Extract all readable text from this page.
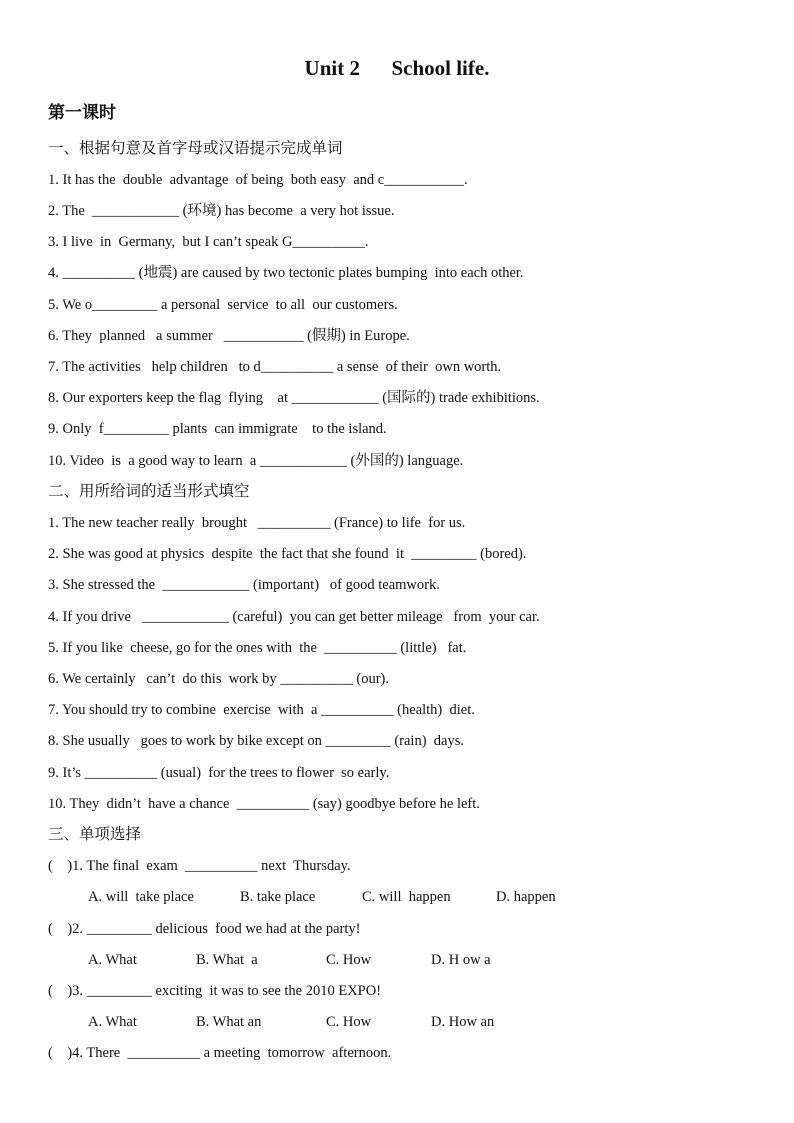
Unit 2      School life.
第一课时
一、根据句意及首字母或汉语提示完成单词
1. It has the  double  advantage  of being  both easy  and c___________.
2. The  ____________ (环境) has become  a very hot issue.
3. I live  in  Germany,  but I can’t speak G__________.
4. __________ (地震) are caused by two tectonic plates bumping  into each other.
5. We o_________ a personal  service  to all  our customers.
6. They  planned   a summer   ___________ (假期) in Europe.
7. The activities   help children   to d__________ a sense  of their  own worth.
8. Our exporters keep the flag  flying    at ____________ (国际的) trade exhibitions.
9. Only  f_________ plants  can immigrate    to the island.
10. Video  is  a good way to learn  a ____________ (外国的) language.
二、用所给词的适当形式填空
1. The new teacher really  brought   __________ (France) to life  for us.
2. She was good at physics  despite  the fact that she found  it  _________ (bored).
3. She stressed the  ____________ (important)   of good teamwork.
4. If you drive   ____________ (careful)  you can get better mileage   from  your car.
5. If you like  cheese, go for the ones with  the  __________ (little)   fat.
6. We certainly   can’t  do this  work by __________ (our).
7. You should try to combine  exercise  with  a __________ (health)  diet.
8. She usually   goes to work by bike except on _________ (rain)  days.
9. It’s __________ (usual)  for the trees to flower  so early.
10. They  didn’t  have a chance  __________ (say) goodbye before he left.
三、单项选择
(    )1. The final  exam  __________ next  Thursday.
A. will  take place	B. take place	C. will  happen	D. happen
(    )2. _________ delicious  food we had at the party!
A. What	B. What  a	C. How	D. H ow a
(    )3. _________ exciting  it was to see the 2010 EXPO!
A. What	B. What an	C. How	D. How an
(    )4. There  __________ a meeting  tomorrow  afternoon.
